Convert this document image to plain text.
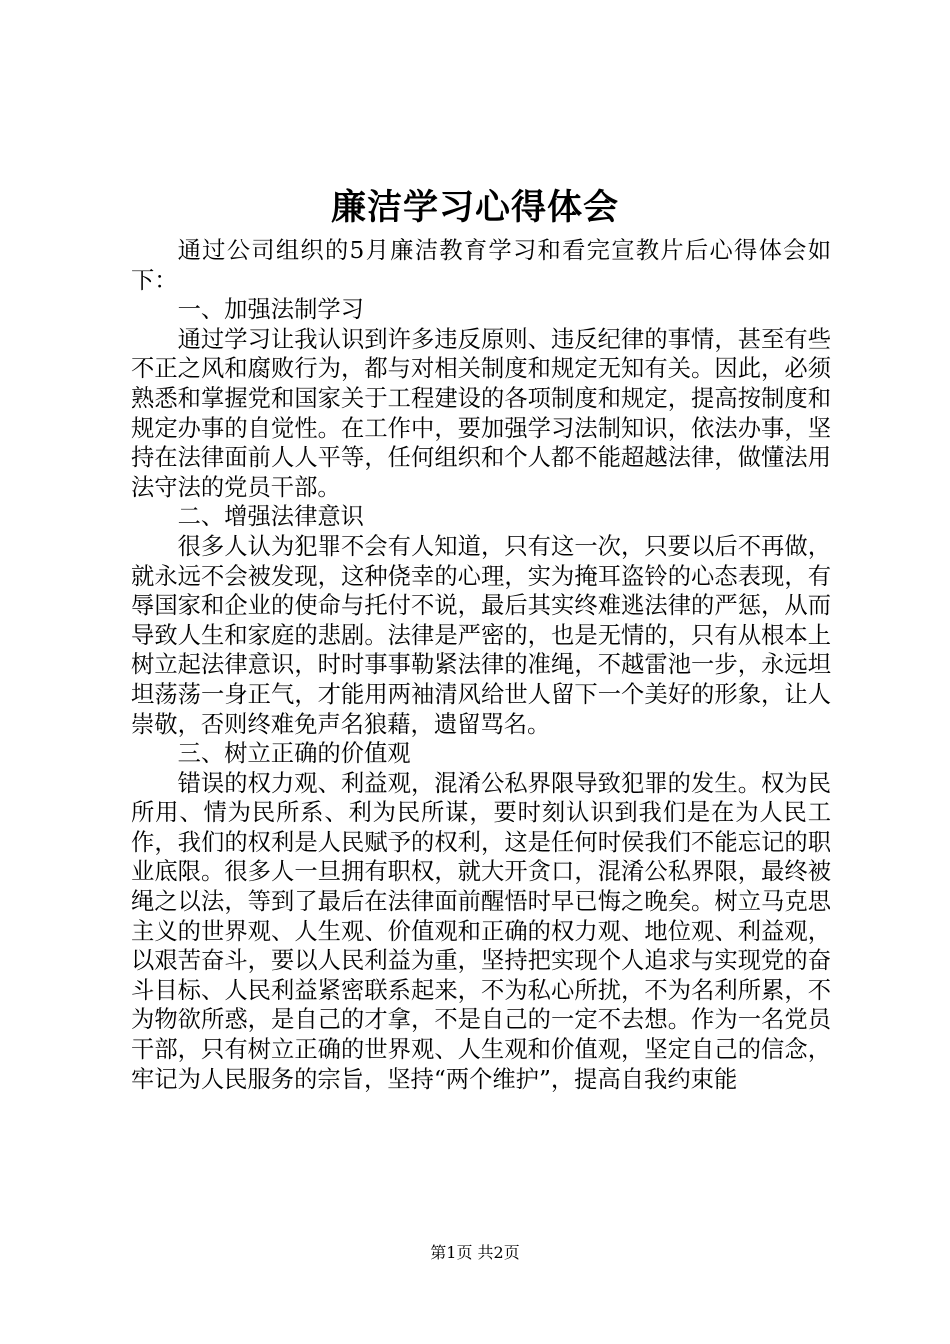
廉洁学习心得体会

通过公司组织的5月廉洁教育学习和看完宣教片后心得体会如下：

一、加强法制学习

通过学习让我认识到许多违反原则、违反纪律的事情，甚至有些不正之风和腐败行为，都与对相关制度和规定无知有关。因此，必须熟悉和掌握党和国家关于工程建设的各项制度和规定，提高按制度和规定办事的自觉性。在工作中，要加强学习法制知识，依法办事，坚持在法律面前人人平等，任何组织和个人都不能超越法律，做懂法用法守法的党员干部。

二、增强法律意识

很多人认为犯罪不会有人知道，只有这一次，只要以后不再做，就永远不会被发现，这种侥幸的心理，实为掩耳盗铃的心态表现，有辱国家和企业的使命与托付不说，最后其实终难逃法律的严惩，从而导致人生和家庭的悲剧。法律是严密的，也是无情的，只有从根本上树立起法律意识，时时事事勒紧法律的准绳，不越雷池一步，永远坦坦荡荡一身正气，才能用两袖清风给世人留下一个美好的形象，让人崇敬，否则终难免声名狼藉，遗留骂名。

三、树立正确的价值观

错误的权力观、利益观，混淆公私界限导致犯罪的发生。权为民所用、情为民所系、利为民所谋，要时刻认识到我们是在为人民工作，我们的权利是人民赋予的权利，这是任何时侯我们不能忘记的职业底限。很多人一旦拥有职权，就大开贪口，混淆公私界限，最终被绳之以法，等到了最后在法律面前醒悟时早已悔之晚矣。树立马克思主义的世界观、人生观、价值观和正确的权力观、地位观、利益观，以艰苦奋斗，要以人民利益为重，坚持把实现个人追求与实现党的奋斗目标、人民利益紧密联系起来，不为私心所扰，不为名利所累，不为物欲所惑，是自己的才拿，不是自己的一定不去想。作为一名党员干部，只有树立正确的世界观、人生观和价值观，坚定自己的信念，牢记为人民服务的宗旨，坚持“两个维护”，提高自我约束能

第1页 共2页
